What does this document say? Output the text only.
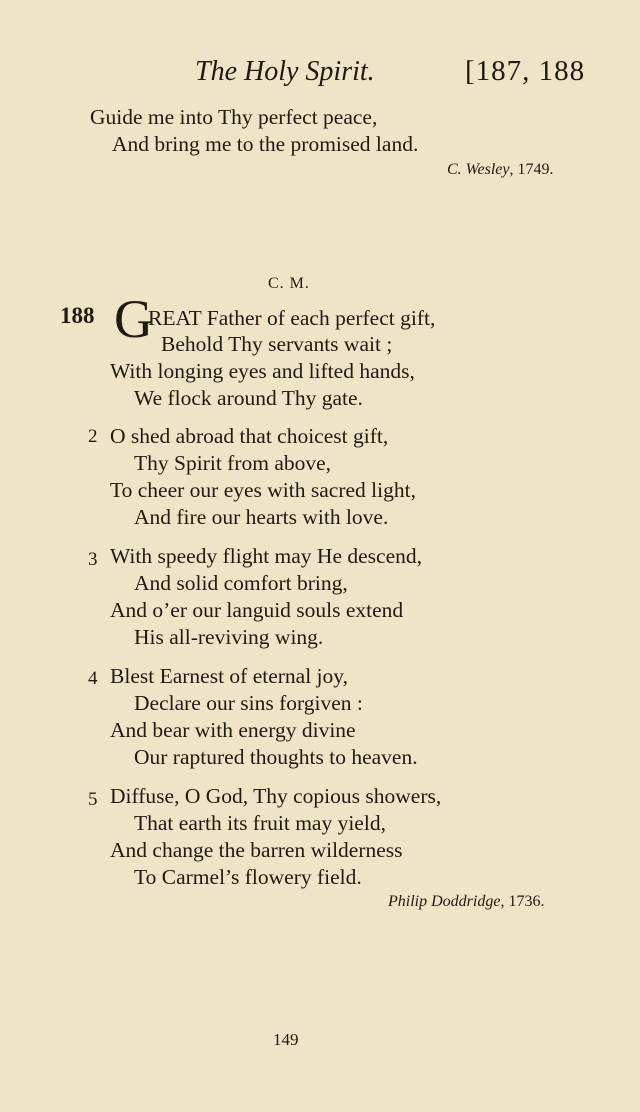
The Holy Spirit.	[187, 188
Guide me into Thy perfect peace,
And bring me to the promised land.
C. Wesley, 1749.
C. M.
188 G
REAT Father of each perfect gift,
Behold Thy servants wait ;
With longing eyes and lifted hands,
We flock around Thy gate.
2 O shed abroad that choicest gift,
Thy Spirit from above,
To cheer our eyes with sacred light,
And fire our hearts with love.
3 With speedy flight may He descend,
And solid comfort bring,
And o’er our languid souls extend
His all-reviving wing.
4 Blest Earnest of eternal joy,
Declare our sins forgiven :
And bear with energy divine
Our raptured thoughts to heaven.
5 Diffuse, O God, Thy copious showers,
That earth its fruit may yield,
And change the barren wilderness
To Carmel’s flowery field.
Philip Doddridge, 1736.
149
